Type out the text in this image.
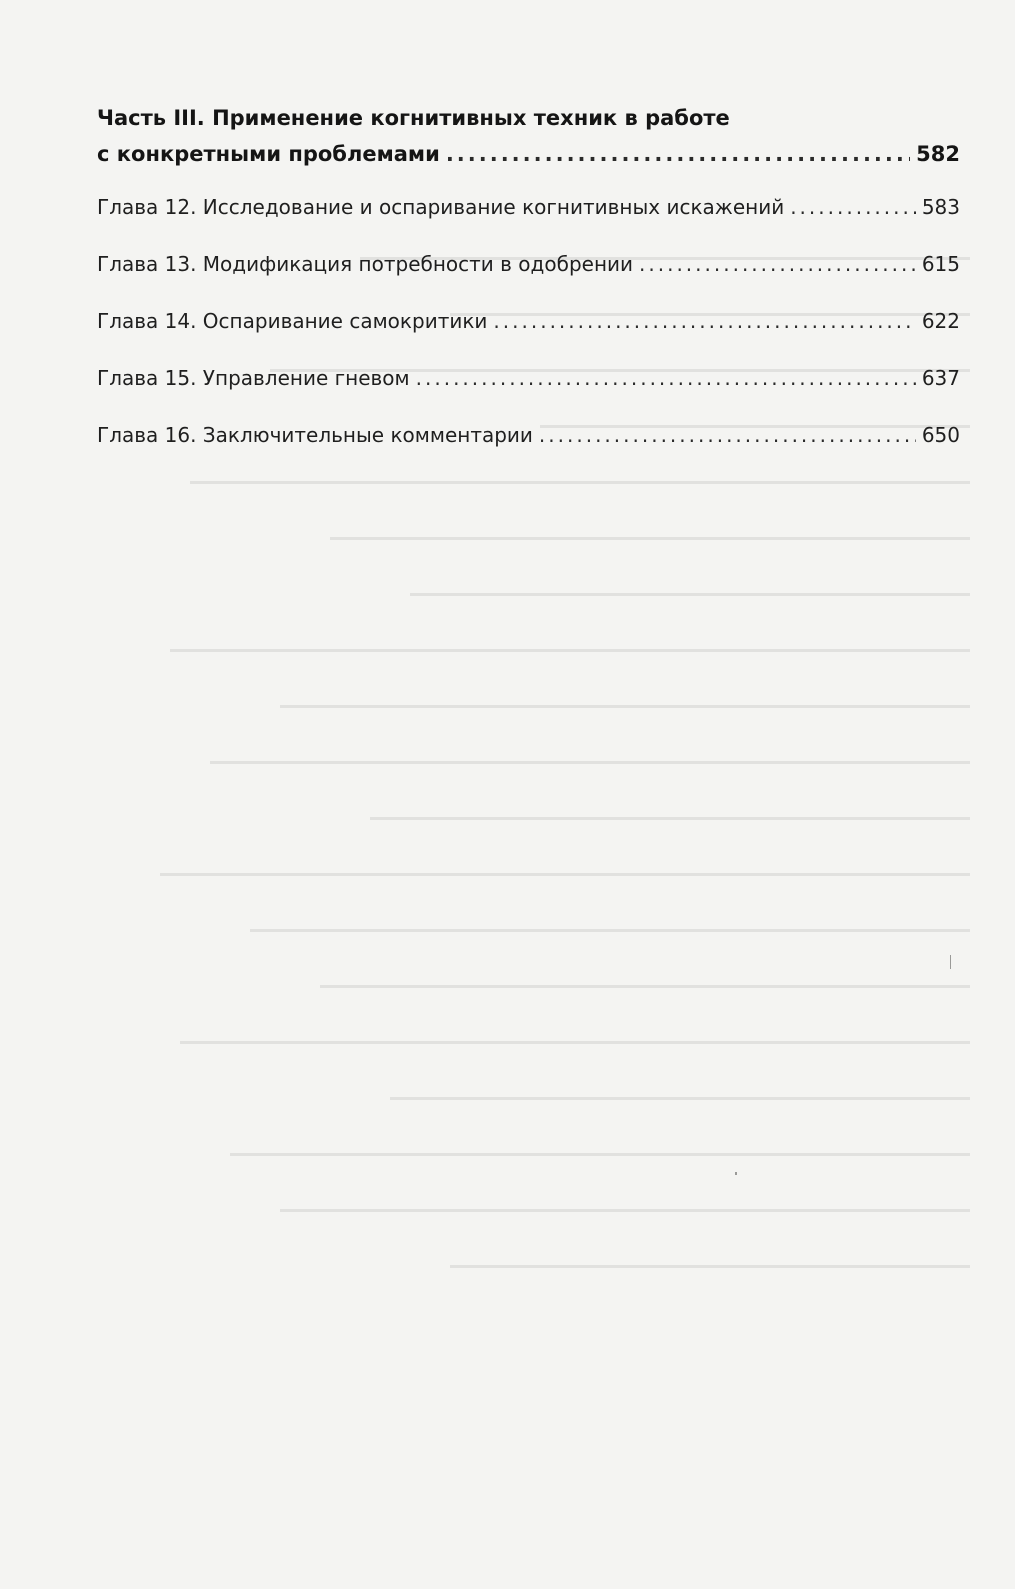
Часть III. Применение когнитивных техник в работе
с конкретными проблемами .....	582
Глава 12. Исследование и оспаривание когнитивных искажений .....	583
Глава 13. Модификация потребности в одобрении .....	615
Глава 14. Оспаривание самокритики .....	622
Глава 15. Управление гневом .....	637
Глава 16. Заключительные комментарии .....	650
